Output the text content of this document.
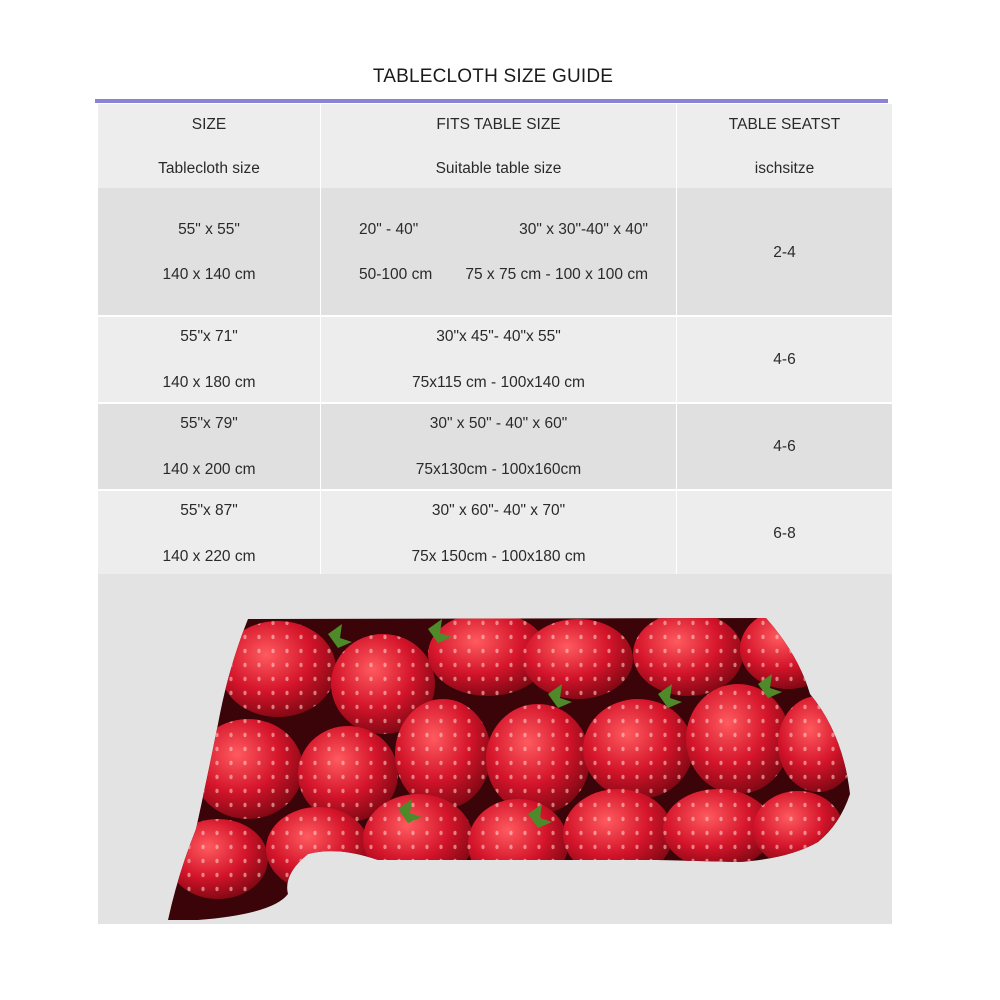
TABLECLOTH SIZE GUIDE
SIZE
Tablecloth size
FITS TABLE SIZE
Suitable table size
TABLE SEATST
ischsitze
55" x 55"
140 x 140 cm
20" - 40"	30" x 30"-40" x 40"
50-100 cm 75 x 75 cm - 100 x 100 cm
2-4
55"x 71"
140 x 180 cm
30"x 45"- 40"x 55"
75x115 cm - 100x140 cm
4-6
55"x 79"
140 x 200 cm
30" x 50" - 40" x 60"
75x130cm - 100x160cm
4-6
55"x 87"
140 x 220 cm
30" x 60"- 40" x 70"
75x 150cm - 100x180 cm
6-8
